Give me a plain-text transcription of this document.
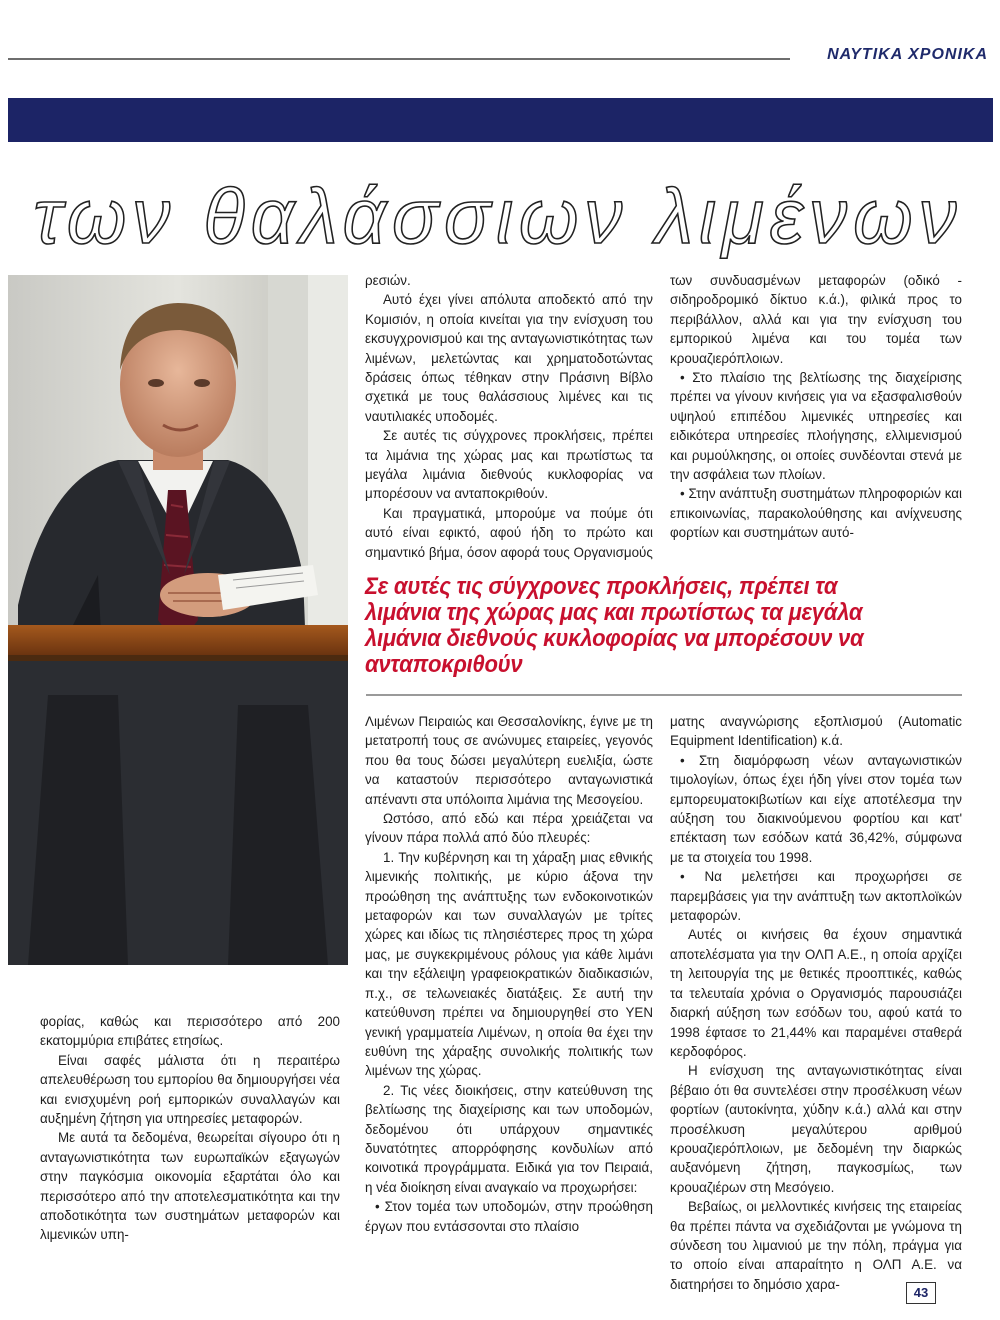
ΝΑΥΤΙΚΑ ΧΡΟΝΙΚΑ
των θαλάσσιων λιμένων

ρεσιών.

Αυτό έχει γίνει απόλυτα αποδεκτό από την Κομισιόν, η οποία κινείται για την ενίσχυση του εκσυγχρονισμού και της ανταγωνιστικότητας των λιμένων, μελετώντας και χρηματοδοτώντας δράσεις όπως τέθηκαν στην Πράσινη Βίβλο σχετικά με τους θαλάσσιους λιμένες και τις ναυτιλιακές υποδομές.

Σε αυτές τις σύγχρονες προκλήσεις, πρέπει τα λιμάνια της χώρας μας και πρωτίστως τα μεγάλα λιμάνια διεθνούς κυκλοφορίας να μπορέσουν να ανταποκριθούν.

Και πραγματικά, μπορούμε να πούμε ότι αυτό είναι εφικτό, αφού ήδη το πρώτο και σημαντικό βήμα, όσον αφορά τους Οργανισμούς

των συνδυασμένων μεταφορών (οδικό - σιδηροδρομικό δίκτυο κ.ά.), φιλικά προς το περιβάλλον, αλλά και για την ενίσχυση του εμπορικού λιμένα και του τομέα των κρουαζιερόπλοιων.

• Στο πλαίσιο της βελτίωσης της διαχείρισης πρέπει να γίνουν κινήσεις για να εξασφαλισθούν υψηλού επιπέδου λιμενικές υπηρεσίες και ειδικότερα υπηρεσίες πλοήγησης, ελλιμενισμού και ρυμούλκησης, οι οποίες συνδέονται στενά με την ασφάλεια των πλοίων.

• Στην ανάπτυξη συστημάτων πληροφοριών και επικοινωνίας, παρακολούθησης και ανίχνευσης φορτίων και συστημάτων αυτό-

Σε αυτές τις σύγχρονες προκλήσεις, πρέπει τα λιμάνια της χώρας μας και πρωτίστως τα μεγάλα λιμάνια διεθνούς κυκλοφορίας να μπορέσουν να ανταποκριθούν

Λιμένων Πειραιώς και Θεσσαλονίκης, έγινε με τη μετατροπή τους σε ανώνυμες εταιρείες, γεγονός που θα τους δώσει μεγαλύτερη ευελιξία, ώστε να καταστούν περισσότερο ανταγωνιστικά απέναντι στα υπόλοιπα λιμάνια της Μεσογείου.

Ωστόσο, από εδώ και πέρα χρειάζεται να γίνουν πάρα πολλά από δύο πλευρές:

1. Την κυβέρνηση και τη χάραξη μιας εθνικής λιμενικής πολιτικής, με κύριο άξονα την προώθηση της ανάπτυξης των ενδοκοινοτικών μεταφορών και των συναλλαγών με τρίτες χώρες και ιδίως τις πλησιέστερες προς τη χώρα μας, με συγκεκριμένους ρόλους για κάθε λιμάνι και την εξάλειψη γραφειοκρατικών διαδικασιών, π.χ., σε τελωνειακές διατάξεις. Σε αυτή την κατεύθυνση πρέπει να δημιουργηθεί στο ΥΕΝ γενική γραμματεία Λιμένων, η οποία θα έχει την ευθύνη της χάραξης συνολικής πολιτικής των λιμένων της χώρας.

2. Τις νέες διοικήσεις, στην κατεύθυνση της βελτίωσης της διαχείρισης και των υποδομών, δεδομένου ότι υπάρχουν σημαντικές δυνατότητες απορρόφησης κονδυλίων από κοινοτικά προγράμματα. Ειδικά για τον Πειραιά, η νέα διοίκηση είναι αναγκαίο να προχωρήσει:

• Στον τομέα των υποδομών, στην προώθηση έργων που εντάσσονται στο πλαίσιο

ματης αναγνώρισης εξοπλισμού (Automatic Equipment Identification) κ.ά.

• Στη διαμόρφωση νέων ανταγωνιστικών τιμολογίων, όπως έχει ήδη γίνει στον τομέα των εμπορευματοκιβωτίων και είχε αποτέλεσμα την αύξηση του διακινούμενου φορτίου και κατ' επέκταση των εσόδων κατά 36,42%, σύμφωνα με τα στοιχεία του 1998.

• Να μελετήσει και προχωρήσει σε παρεμβάσεις για την ανάπτυξη των ακτοπλοϊκών μεταφορών.

Αυτές οι κινήσεις θα έχουν σημαντικά αποτελέσματα για την ΟΛΠ Α.Ε., η οποία αρχίζει τη λειτουργία της με θετικές προοπτικές, καθώς τα τελευταία χρόνια ο Οργανισμός παρουσιάζει διαρκή αύξηση των εσόδων του, αφού κατά το 1998 έφτασε το 21,44% και παραμένει σταθερά κερδοφόρος.

Η ενίσχυση της ανταγωνιστικότητας είναι βέβαιο ότι θα συντελέσει στην προσέλκυση νέων φορτίων (αυτοκίνητα, χύδην κ.ά.) αλλά και στην προσέλκυση μεγαλύτερου αριθμού κρουαζιερόπλοιων, με δεδομένη την διαρκώς αυξανόμενη ζήτηση, παγκοσμίως, των κρουαζιέρων στη Μεσόγειο.

Βεβαίως, οι μελλοντικές κινήσεις της εταιρείας θα πρέπει πάντα να σχεδιάζονται με γνώμονα τη σύνδεση του λιμανιού με την πόλη, πράγμα για το οποίο είναι απαραίτητο η ΟΛΠ Α.Ε. να διατηρήσει το δημόσιο χαρα-

φορίας, καθώς και περισσότερο από 200 εκατομμύρια επιβάτες ετησίως.

Είναι σαφές μάλιστα ότι η περαιτέρω απελευθέρωση του εμπορίου θα δημιουργήσει νέα και ενισχυμένη ροή εμπορικών συναλλαγών και αυξημένη ζήτηση για υπηρεσίες μεταφορών.

Με αυτά τα δεδομένα, θεωρείται σίγουρο ότι η ανταγωνιστικότητα των ευρωπαϊκών εξαγωγών στην παγκόσμια οικονομία εξαρτάται όλο και περισσότερο από την αποτελεσματικότητα και την αποδοτικότητα των συστημάτων μεταφορών και λιμενικών υπη-

43
